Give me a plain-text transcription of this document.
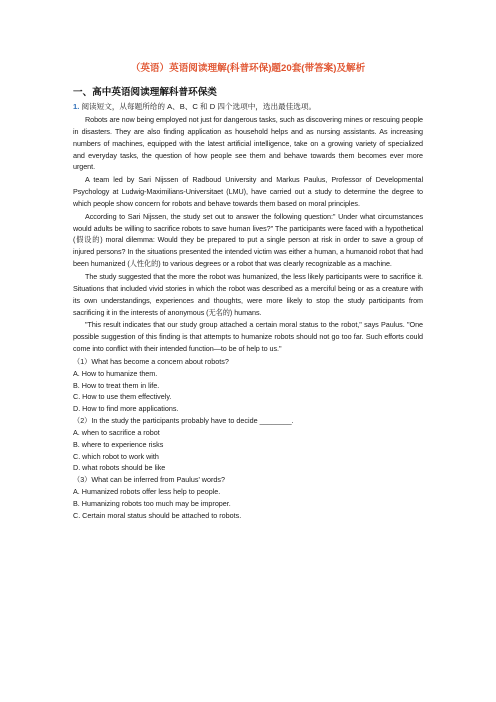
（英语）英语阅读理解(科普环保)题20套(带答案)及解析
一、高中英语阅读理解科普环保类
1. 阅读短文，从每题所给的 A、B、C 和 D 四个选项中，选出最佳选项。
Robots are now being employed not just for dangerous tasks, such as discovering mines or rescuing people in disasters. They are also finding application as household helps and as nursing assistants. As increasing numbers of machines, equipped with the latest artificial intelligence, take on a growing variety of specialized and everyday tasks, the question of how people see them and behave towards them becomes ever more urgent.
A team led by Sari Nijssen of Radboud University and Markus Paulus, Professor of Developmental Psychology at Ludwig-Maximilians-Universitaet (LMU), have carried out a study to determine the degree to which people show concern for robots and behave towards them based on moral principles.
According to Sari Nijssen, the study set out to answer the following question:" Under what circumstances would adults be willing to sacrifice robots to save human lives?" The participants were faced with a hypothetical (假设的) moral dilemma: Would they be prepared to put a single person at risk in order to save a group of injured persons? In the situations presented the intended victim was either a human, a humanoid robot that had been humanized (人性化的) to various degrees or a robot that was clearly recognizable as a machine.
The study suggested that the more the robot was humanized, the less likely participants were to sacrifice it. Situations that included vivid stories in which the robot was described as a merciful being or as a creature with its own understandings, experiences and thoughts, were more likely to stop the study participants from sacrificing it in the interests of anonymous (无名的) humans.
"This result indicates that our study group attached a certain moral status to the robot," says Paulus. "One possible suggestion of this finding is that attempts to humanize robots should not go too far. Such efforts could come into conflict with their intended function—to be of help to us."
（1）What has become a concern about robots?
A. How to humanize them.
B. How to treat them in life.
C. How to use them effectively.
D. How to find more applications.
（2）In the study the participants probably have to decide ________.
A. when to sacrifice a robot
B. where to experience risks
C. which robot to work with
D. what robots should be like
（3）What can be inferred from Paulus' words?
A. Humanized robots offer less help to people.
B. Humanizing robots too much may be improper.
C. Certain moral status should be attached to robots.
